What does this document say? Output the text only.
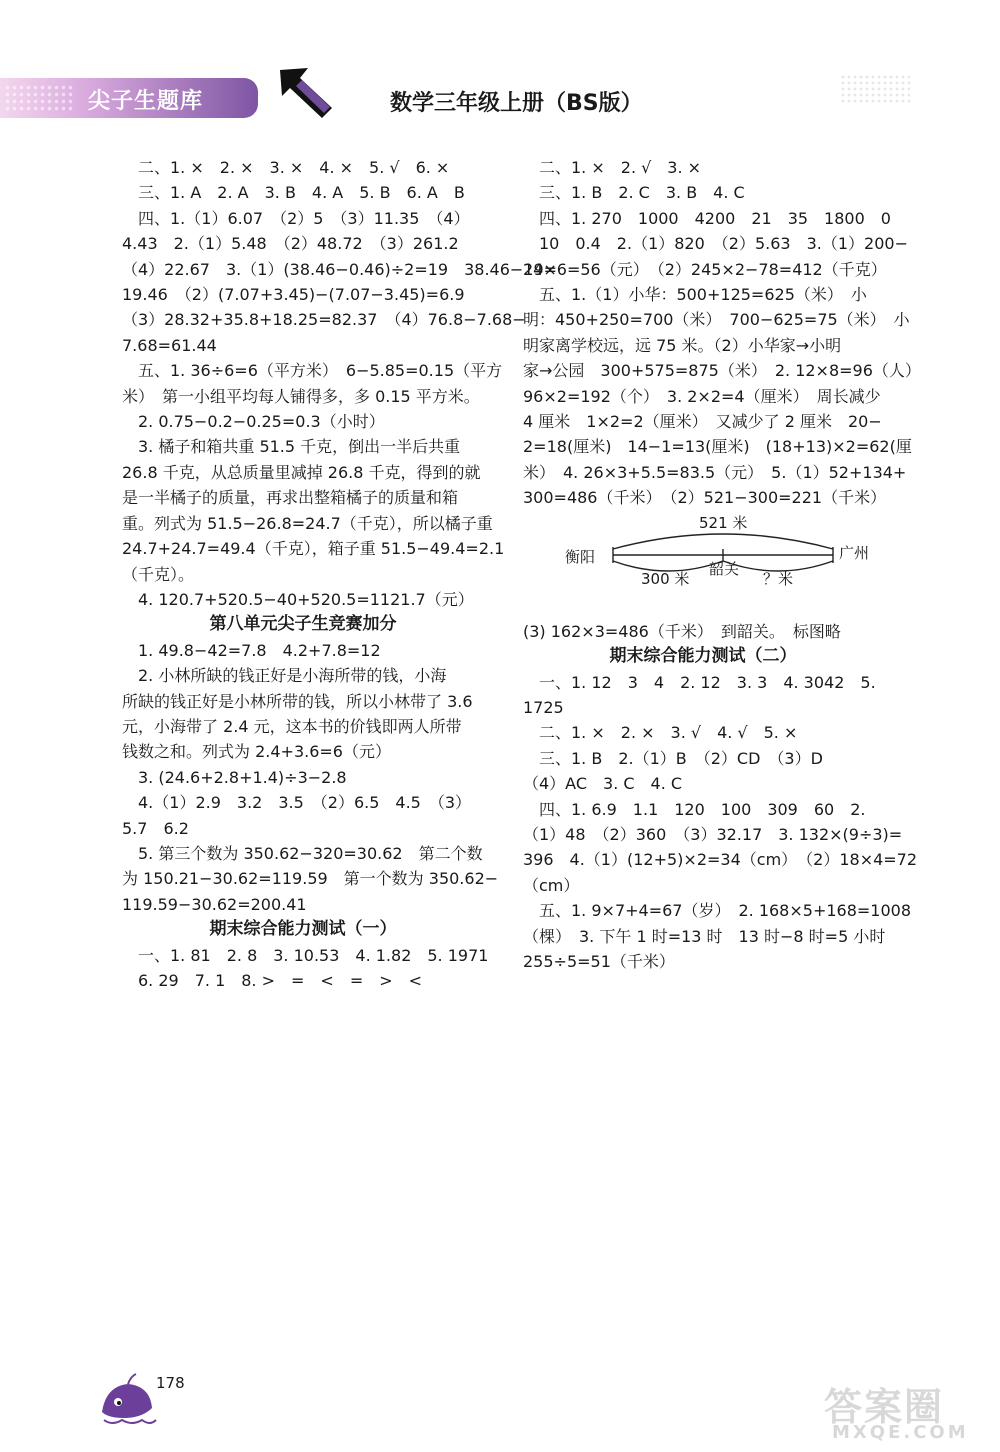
尖子生题库	数学三年级上册（BS版）
　二、1. ×　2. ×　3. ×　4. ×　5. √　6. ×
　三、1. A　2. A　3. B　4. A　5. B　6. A　B
　四、1.（1）6.07　（2）5　（3）11.35　（4）
4.43　2.（1）5.48　（2）48.72　（3）261.2
（4）22.67　3.（1）(38.46−0.46)÷2=19　38.46−19=
19.46　（2）(7.07+3.45)−(7.07−3.45)=6.9
（3）28.32+35.8+18.25=82.37　（4）76.8−7.68−
7.68=61.44
　五、1. 36÷6=6（平方米）　6−5.85=0.15（平方
米）　第一小组平均每人铺得多，多 0.15 平方米。
　2. 0.75−0.2−0.25=0.3（小时）
　3. 橘子和箱共重 51.5 千克，倒出一半后共重
26.8 千克，从总质量里减掉 26.8 千克，得到的就
是一半橘子的质量，再求出整箱橘子的质量和箱
重。列式为 51.5−26.8=24.7（千克），所以橘子重
24.7+24.7=49.4（千克），箱子重 51.5−49.4=2.1
（千克）。
　4. 120.7+520.5−40+520.5=1121.7（元）
第八单元尖子生竞赛加分
　1. 49.8−42=7.8　4.2+7.8=12
　2. 小林所缺的钱正好是小海所带的钱，小海
所缺的钱正好是小林所带的钱，所以小林带了 3.6
元，小海带了 2.4 元，这本书的价钱即两人所带
钱数之和。列式为 2.4+3.6=6（元）
　3. (24.6+2.8+1.4)÷3−2.8
　4.（1）2.9　3.2　3.5　（2）6.5　4.5　（3）
5.7　6.2
　5. 第三个数为 350.62−320=30.62　第二个数
为 150.21−30.62=119.59　第一个数为 350.62−
119.59−30.62=200.41
期末综合能力测试（一）
　一、1. 81　2. 8　3. 10.53　4. 1.82　5. 1971
　6. 29　7. 1　8. >　=　<　=　>　<
　二、1. ×　2. √　3. ×
　三、1. B　2. C　3. B　4. C
　四、1. 270　1000　4200　21　35　1800　0
　10　0.4　2.（1）820　（2）5.63　3.（1）200−
24×6=56（元）　（2）245×2−78=412（千克）
　五、1.（1）小华：500+125=625（米）　小
明：450+250=700（米）　700−625=75（米）　小
明家离学校远，远 75 米。（2）小华家→小明
家→公园　300+575=875（米）　2. 12×8=96（人）
96×2=192（个）　3. 2×2=4（厘米）　周长减少
4 厘米　1×2=2（厘米）　又减少了 2 厘米　20−
2=18(厘米)　14−1=13(厘米)　(18+13)×2=62(厘
米）　4. 26×3+5.5=83.5（元）　5.（1）52+134+
300=486（千米）　（2）521−300=221（千米）
521 米
衡阳	广州
韶关
300 米	？米
(3) 162×3=486（千米）　到韶关。　标图略
期末综合能力测试（二）
　一、1. 12　3　4　2. 12　3. 3　4. 3042　5.
1725
　二、1. ×　2. ×　3. √　4. √　5. ×
　三、1. B　2.（1）B　（2）CD　（3）D
（4）AC　3. C　4. C
　四、1. 6.9　1.1　120　100　309　60　2.
（1）48　（2）360　（3）32.17　3. 132×(9÷3)=
396　4.（1）(12+5)×2=34（cm）　（2）18×4=72
（cm）
　五、1. 9×7+4=67（岁）　2. 168×5+168=1008
（棵）　3. 下午 1 时=13 时　13 时−8 时=5 小时
255÷5=51（千米）
178
答案圈
MXQE.COM
